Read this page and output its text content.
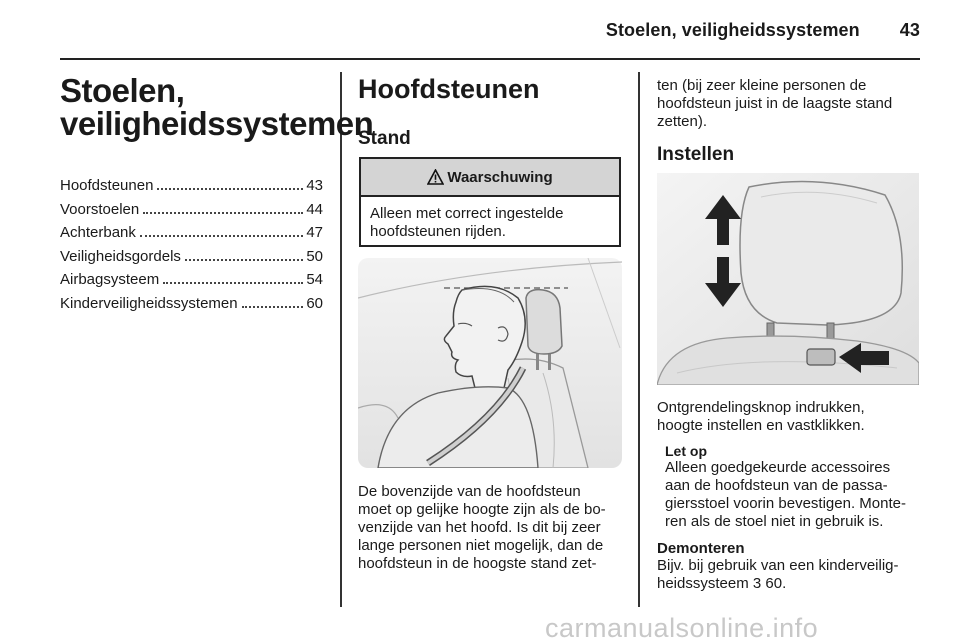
Stoelen, veiligheidssystemen 43
Stoelen,
veiligheidssystemen
Hoofdsteunen	43
Voorstoelen	44
Achterbank	47
Veiligheidsgordels	50
Airbagsysteem	54
Kinderveiligheidssystemen	60
Hoofdsteunen
Stand
Waarschuwing
Alleen met correct ingestelde
hoofdsteunen rijden.

De bovenzijde van de hoofdsteun
moet op gelijke hoogte zijn als de bo-
venzijde van het hoofd. Is dit bij zeer
lange personen niet mogelijk, dan de
hoofdsteun in de hoogste stand zet-

ten (bij zeer kleine personen de
hoofdsteun juist in de laagste stand
zetten).

Instellen

Ontgrendelingsknop indrukken,
hoogte instellen en vastklikken.

Let op

Alleen goedgekeurde accessoires
aan de hoofdsteun van de passa-
giersstoel voorin bevestigen. Monte-
ren als de stoel niet in gebruik is.

Demonteren

Bijv. bij gebruik van een kinderveilig-
heidssysteem 3 60.

carmanualsonline.info
